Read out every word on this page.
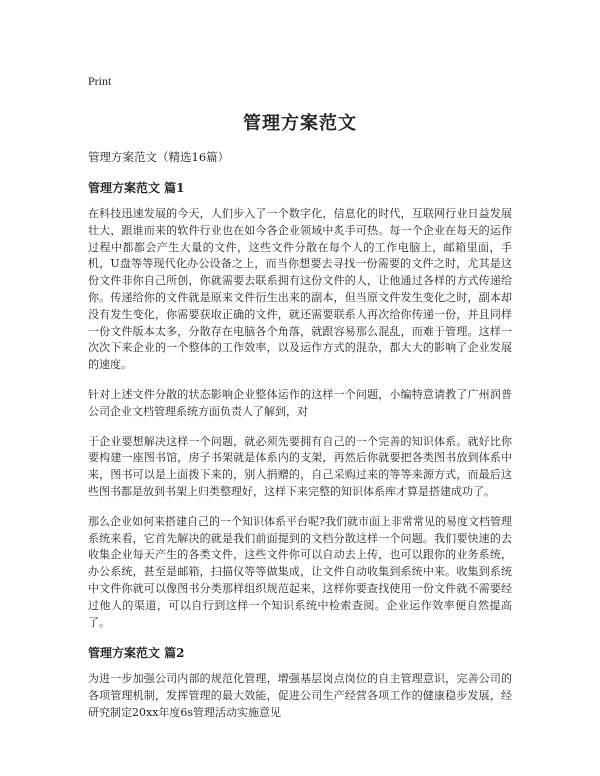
Print
管理方案范文

管理方案范文（精选16篇）

管理方案范文 篇1

在科技迅速发展的今天，人们步入了一个数字化，信息化的时代，互联网行业日益发展壮大，跟谁而来的软件行业也在如今各企业领域中炙手可热。每一个企业在每天的运作过程中都都会产生大量的文件，这些文件分散在每个人的工作电脑上，邮箱里面，手机，U盘等等现代化办公设备之上，而当你想要去寻找一份需要的文件之时，尤其是这份文件非你自己所创，你就需要去联系拥有这份文件的人，让他通过各样的方式传递给你。传递给你的文件就是原来文件衍生出来的副本，但当原文件发生变化之时，副本却没有发生变化，你需要获取正确的文件，就还需要联系人再次给你传递一份，并且同样一份文件版本太多，分散存在电脑各个角落，就跟容易那么混乱，而难于管理。这样一次次下来企业的一个整体的工作效率，以及运作方式的混杂，都大大的影响了企业发展的速度。

针对上述文件分散的状态影响企业整体运作的这样一个问题，小编特意请教了广州润普公司企业文档管理系统方面负责人了解到，对

于企业要想解决这样一个问题，就必须先要拥有自己的一个完善的知识体系。就好比你要构建一座图书馆，房子书架就是体系内的支架，再然后你就要把各类图书放到体系中来，图书可以是上面拨下来的，别人捐赠的，自己采购过来的等等来源方式，而最后这些图书都是放到书架上归类整理好，这样下来完整的知识体系库才算是搭建成功了。

那么企业如何来搭建自己的一个知识体系平台呢?我们就市面上非常常见的易度文档管理系统来看，它首先解决的就是我们前面提到的文档分散这样一个问题。我们要快速的去收集企业每天产生的各类文件，这些文件你可以自动去上传，也可以跟你的业务系统，办公系统，甚至是邮箱，扫描仪等等做集成，让文件自动收集到系统中来。收集到系统中文件你就可以像图书分类那样组织规范起来，这样你要查找使用一份文件就不需要经过他人的渠道，可以自行到这样一个知识系统中检索查阅。企业运作效率便自然提高了。

管理方案范文 篇2

为进一步加强公司内部的规范化管理，增强基层岗点岗位的自主管理意识，完善公司的各项管理机制，发挥管理的最大效能，促进公司生产经营各项工作的健康稳步发展，经研究制定20xx年度6s管理活动实施意见
